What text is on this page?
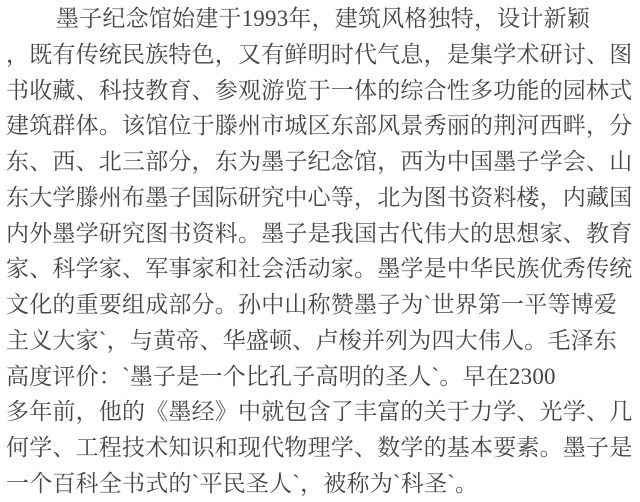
墨子纪念馆始建于1993年，建筑风格独特，设计新颖
，既有传统民族特色，又有鲜明时代气息，是集学术研讨、图
书收藏、科技教育、参观游览于一体的综合性多功能的园林式
建筑群体。该馆位于滕州市城区东部风景秀丽的荆河西畔，分
东、西、北三部分，东为墨子纪念馆，西为中国墨子学会、山
东大学滕州布墨子国际研究中心等，北为图书资料楼，内藏国
内外墨学研究图书资料。墨子是我国古代伟大的思想家、教育
家、科学家、军事家和社会活动家。墨学是中华民族优秀传统
文化的重要组成部分。孙中山称赞墨子为`世界第一平等博爱
主义大家`，与黄帝、华盛顿、卢梭并列为四大伟人。毛泽东
高度评价：`墨子是一个比孔子高明的圣人`。早在2300
多年前，他的《墨经》中就包含了丰富的关于力学、光学、几
何学、工程技术知识和现代物理学、数学的基本要素。墨子是
一个百科全书式的`平民圣人`，被称为`科圣`。
